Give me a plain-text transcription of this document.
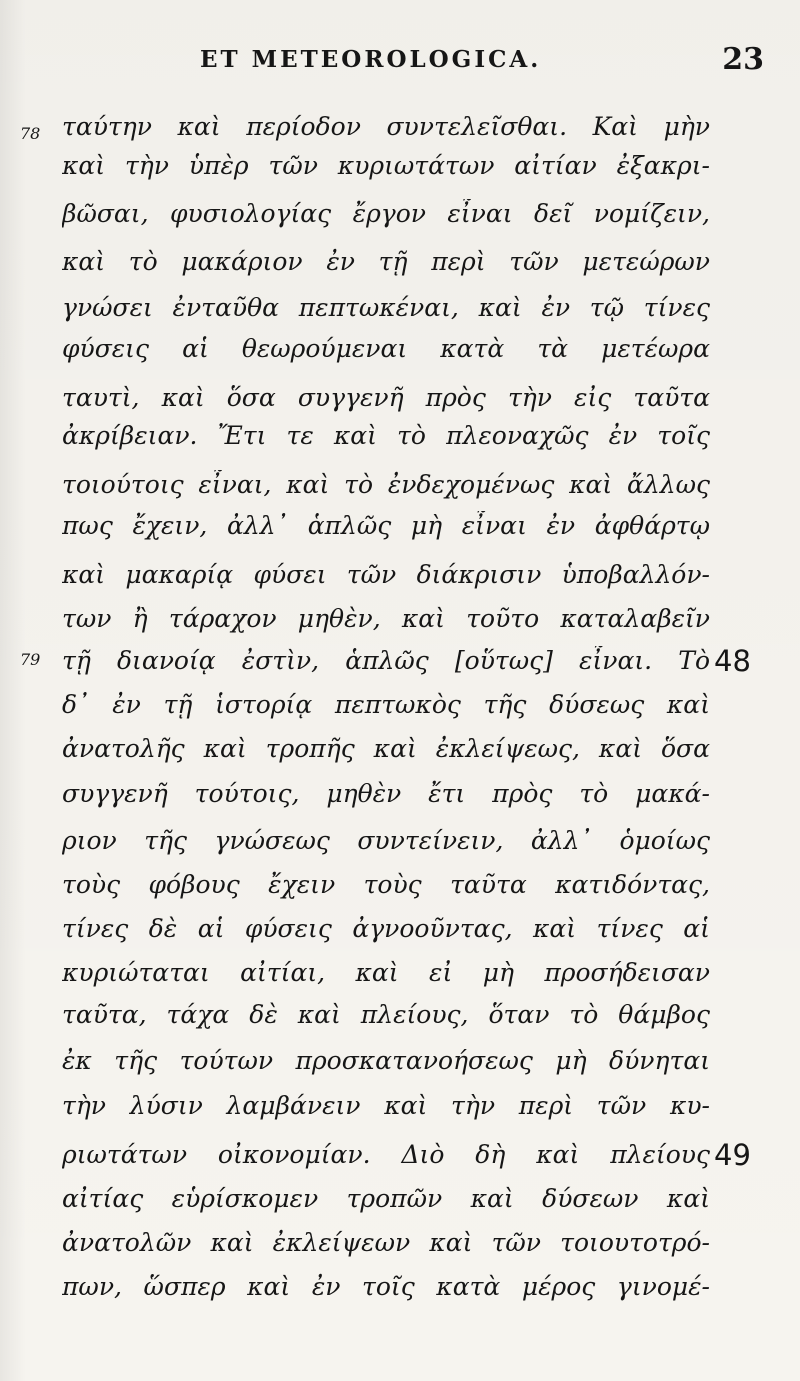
ET METEOROLOGICA.	23
78
79	48
49
ταύτην καὶ περίοδον συντελεῖσθαι. Καὶ μὴν
καὶ τὴν ὑπὲρ τῶν κυριωτάτων αἰτίαν ἐξακρι-
βῶσαι, φυσιολογίας ἔργον εἶναι δεῖ νομίζειν,
καὶ τὸ μακάριον ἐν τῇ περὶ τῶν μετεώρων
γνώσει ἐνταῦθα πεπτωκέναι, καὶ ἐν τῷ τίνες
φύσεις αἱ θεωρούμεναι κατὰ τὰ μετέωρα
ταυτὶ, καὶ ὅσα συγγενῆ πρὸς τὴν εἰς ταῦτα
ἀκρίβειαν. Ἔτι τε καὶ τὸ πλεοναχῶς ἐν τοῖς
τοιούτοις εἶναι, καὶ τὸ ἐνδεχομένως καὶ ἄλλως
πως ἔχειν, ἀλλ᾿ ἁπλῶς μὴ εἶναι ἐν ἀφθάρτῳ
καὶ μακαρίᾳ φύσει τῶν διάκρισιν ὑποβαλλόν-
των ἢ τάραχον μηθὲν, καὶ τοῦτο καταλαβεῖν
τῇ διανοίᾳ ἐστὶν, ἁπλῶς [οὕτως] εἶναι. Τὸ
δ᾿ ἐν τῇ ἱστορίᾳ πεπτωκὸς τῆς δύσεως καὶ
ἀνατολῆς καὶ τροπῆς καὶ ἐκλείψεως, καὶ ὅσα
συγγενῆ τούτοις, μηθὲν ἔτι πρὸς τὸ μακά-
ριον τῆς γνώσεως συντείνειν, ἀλλ᾿ ὁμοίως
τοὺς φόβους ἔχειν τοὺς ταῦτα κατιδόντας,
τίνες δὲ αἱ φύσεις ἀγνοοῦντας, καὶ τίνες αἱ
κυριώταται αἰτίαι, καὶ εἰ μὴ προσήδεισαν
ταῦτα, τάχα δὲ καὶ πλείους, ὅταν τὸ θάμβος
ἐκ τῆς τούτων προσκατανοήσεως μὴ δύνηται
τὴν λύσιν λαμβάνειν καὶ τὴν περὶ τῶν κυ-
ριωτάτων οἰκονομίαν. Διὸ δὴ καὶ πλείους
αἰτίας εὑρίσκομεν τροπῶν καὶ δύσεων καὶ
ἀνατολῶν καὶ ἐκλείψεων καὶ τῶν τοιουτοτρό-
πων, ὥσπερ καὶ ἐν τοῖς κατὰ μέρος γινομέ-
